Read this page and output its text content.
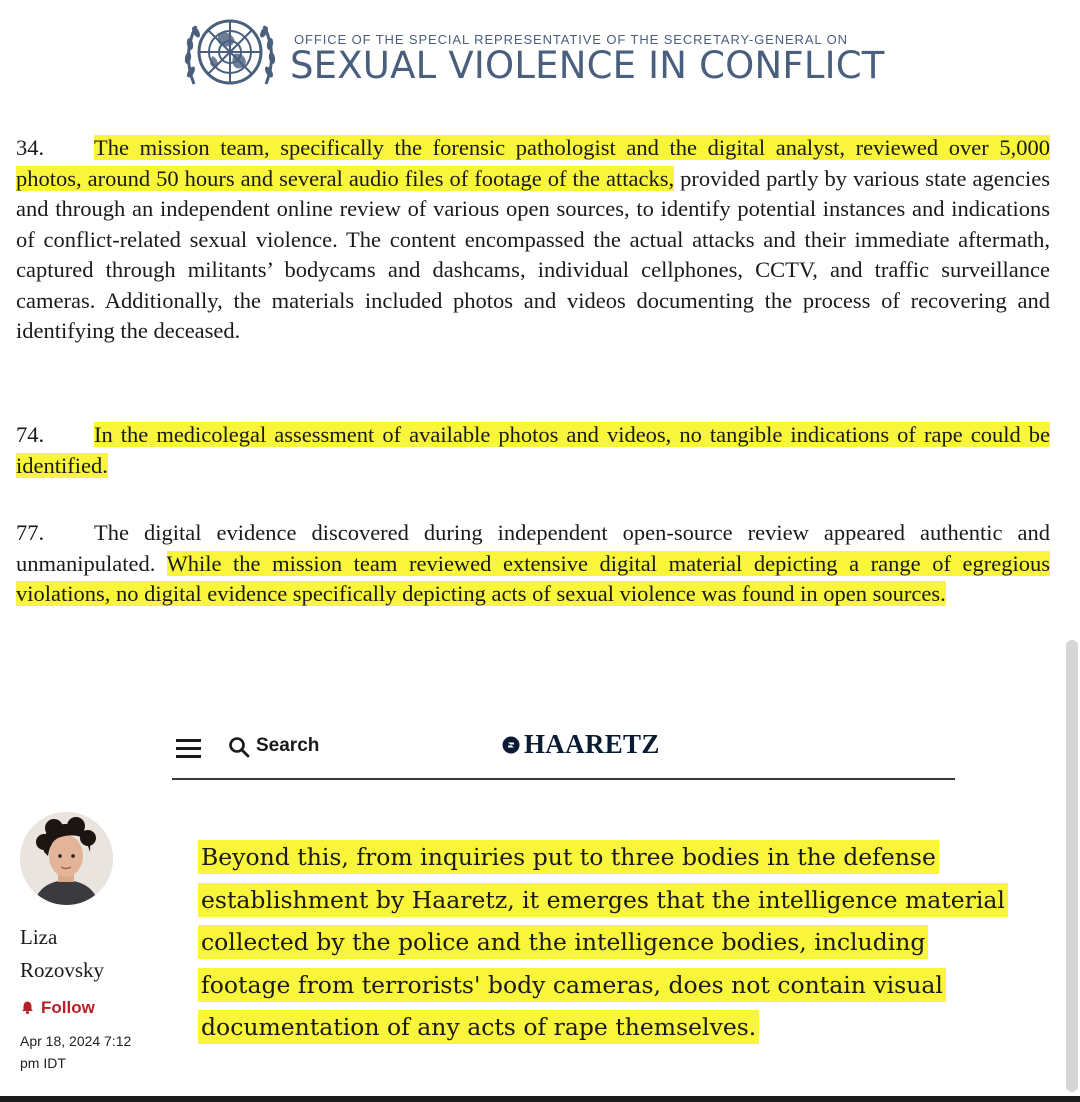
OFFICE OF THE SPECIAL REPRESENTATIVE OF THE SECRETARY-GENERAL ON
SEXUAL VIOLENCE IN CONFLICT
34. The mission team, specifically the forensic pathologist and the digital analyst, reviewed over 5,000 photos, around 50 hours and several audio files of footage of the attacks, provided partly by various state agencies and through an independent online review of various open sources, to identify potential instances and indications of conflict-related sexual violence. The content encompassed the actual attacks and their immediate aftermath, captured through militants’ bodycams and dashcams, individual cellphones, CCTV, and traffic surveillance cameras. Additionally, the materials included photos and videos documenting the process of recovering and identifying the deceased.
74. In the medicolegal assessment of available photos and videos, no tangible indications of rape could be identified.
77. The digital evidence discovered during independent open-source review appeared authentic and unmanipulated. While the mission team reviewed extensive digital material depicting a range of egregious violations, no digital evidence specifically depicting acts of sexual violence was found in open sources.
Search	HAARETZ
Liza
Rozovsky
Follow
Apr 18, 2024 7:12
pm IDT
Beyond this, from inquiries put to three bodies in the defense
establishment by Haaretz, it emerges that the intelligence material
collected by the police and the intelligence bodies, including
footage from terrorists' body cameras, does not contain visual
documentation of any acts of rape themselves.
